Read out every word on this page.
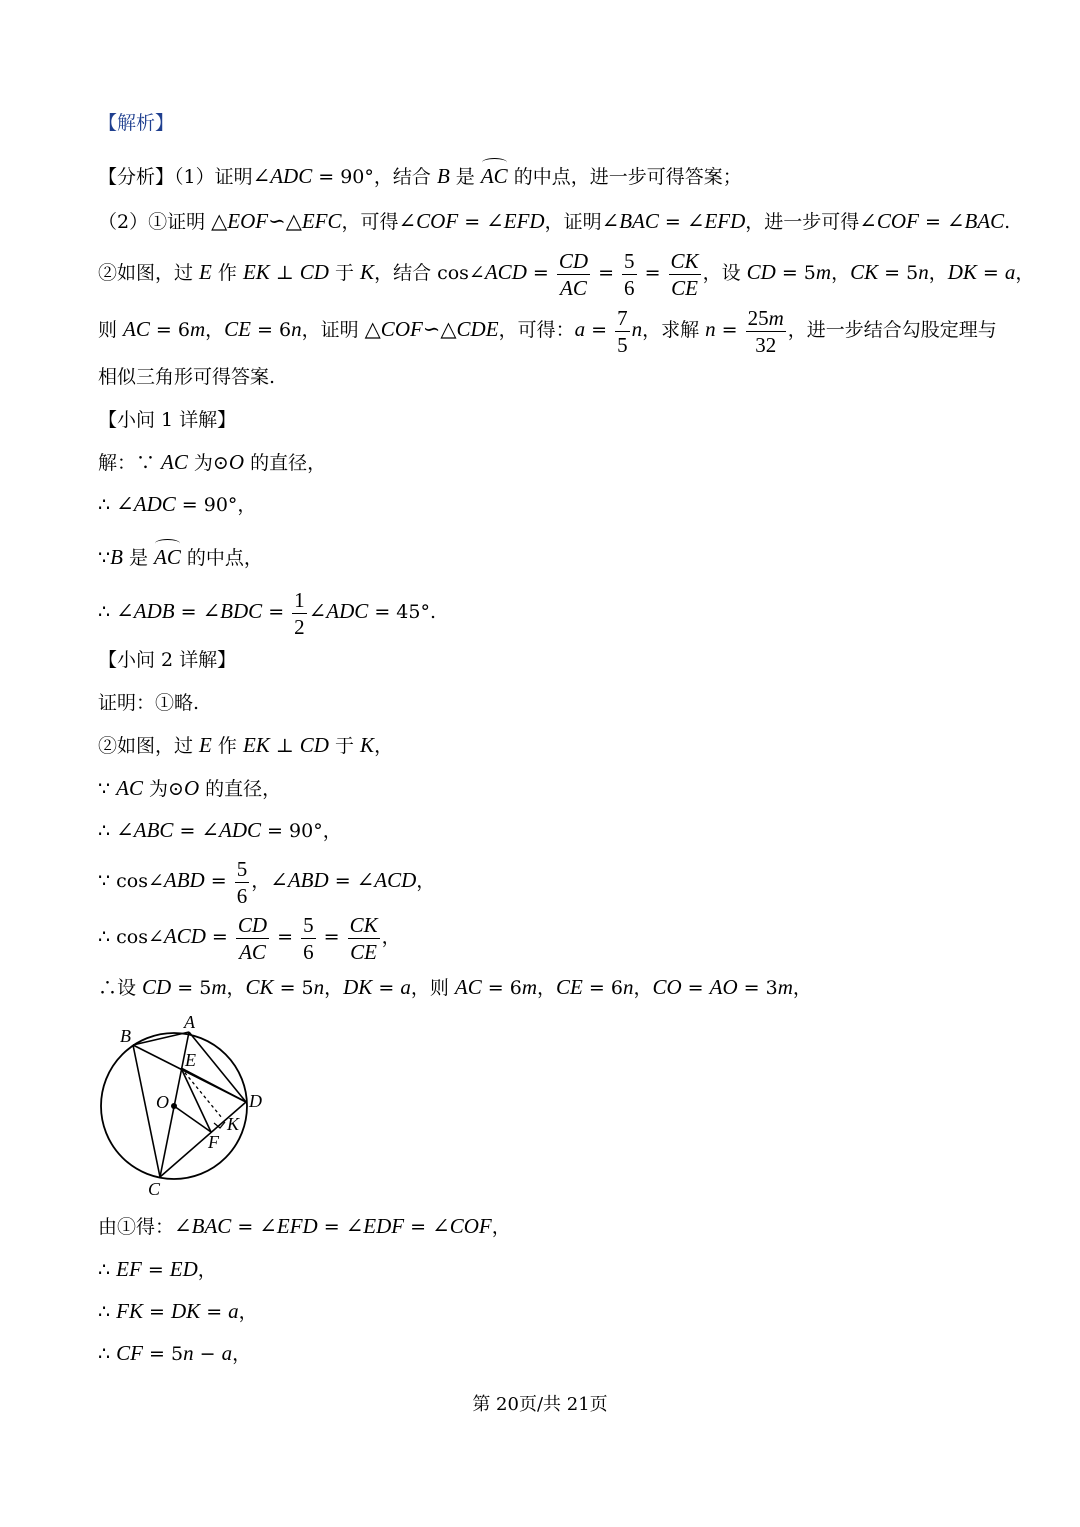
【解析】
【分析】（1）证明∠ADC = 90°，结合 B 是 AC 的中点，进一步可得答案；
（2）①证明 △EOF∽△EFC，可得∠COF = ∠EFD，证明∠BAC = ∠EFD，进一步可得∠COF = ∠BAC.
②如图，过 E 作 EK ⊥ CD 于 K，结合 cos∠ACD = $\frac{CD}{AC} = \frac{5}{6} = \frac{CK}{CE}$ ，设 CD = 5m，CK = 5n，DK = a，
则 AC = 6m，CE = 6n，证明 △COF∽△CDE，可得：$a = \frac{7}{5}$ n，求解 $n = \frac{25m}{32}$ ，进一步结合勾股定理与
相似三角形可得答案.
【小问 1 详解】
解：∵ AC 为⊙O 的直径，
∴ ∠ADC = 90°，
∵B 是 AC 的中点，
∴ ∠ADB = ∠BDC = $\frac{1}{2}$ ∠ADC = 45°.
【小问 2 详解】
证明：①略.
②如图，过 E 作 EK ⊥ CD 于 K，
∵ AC 为⊙O 的直径，
∴ ∠ABC = ∠ADC = 90°，
∵ cos∠ABD = $\frac{5}{6}$ ，∠ABD = ∠ACD，
∴ cos∠ACD = $\frac{CD}{AC} = \frac{5}{6} = \frac{CK}{CE}$ ，
∴设 CD = 5m，CK = 5n，DK = a，则 AC = 6m，CE = 6n，CO = AO = 3m，
B
A
E
O	D
K
F
C
由①得：∠BAC = ∠EFD = ∠EDF = ∠COF，
∴ EF = ED，
∴ FK = DK = a，
∴ CF = 5n − a，
第 20页/共 21页
